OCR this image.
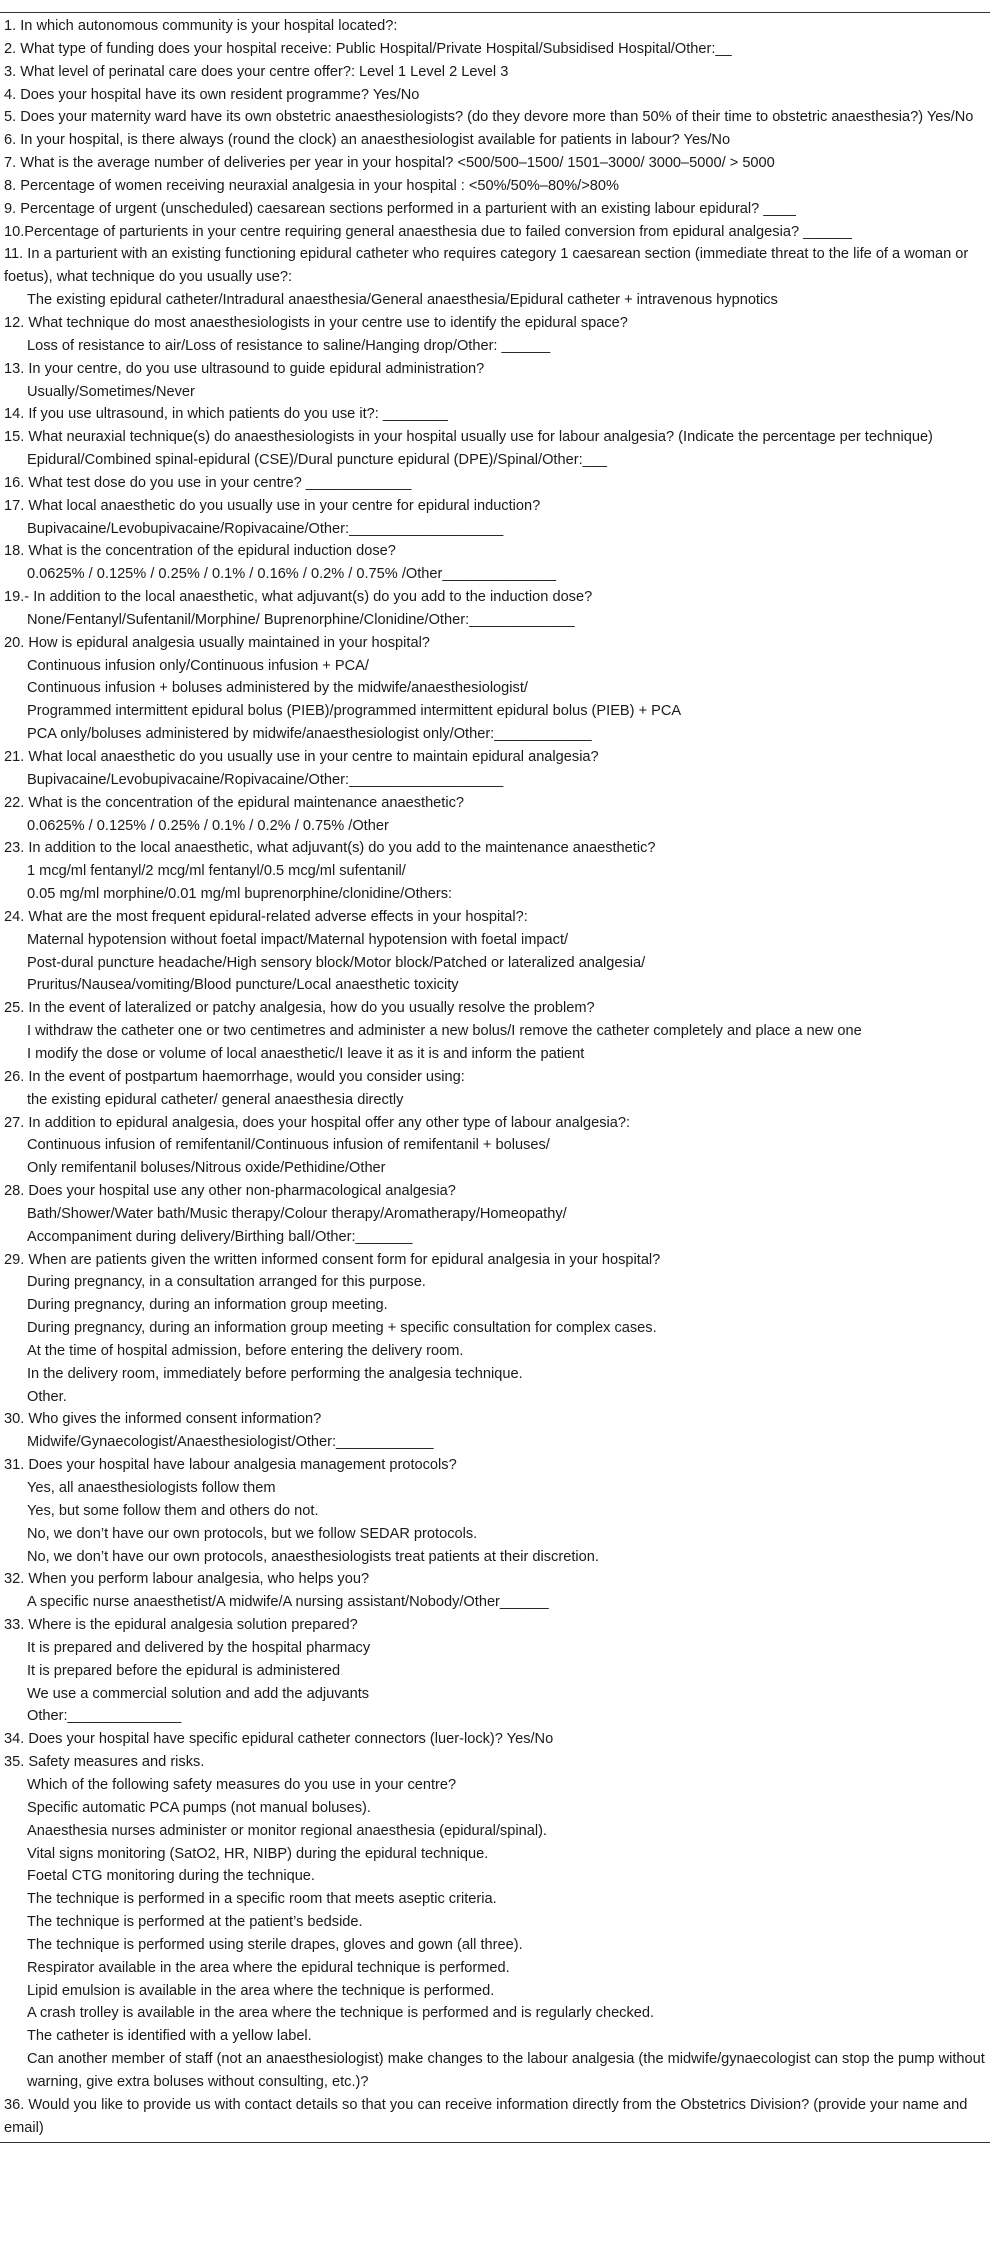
1. In which autonomous community is your hospital located?:
2. What type of funding does your hospital receive: Public Hospital/Private Hospital/Subsidised Hospital/Other:__
3. What level of perinatal care does your centre offer?: Level 1 Level 2 Level 3
4. Does your hospital have its own resident programme? Yes/No
5. Does your maternity ward have its own obstetric anaesthesiologists? (do they devore more than 50% of their time to obstetric anaesthesia?) Yes/No
6. In your hospital, is there always (round the clock) an anaesthesiologist available for patients in labour? Yes/No
7. What is the average number of deliveries per year in your hospital? <500/500–1500/ 1501–3000/ 3000–5000/ > 5000
8. Percentage of women receiving neuraxial analgesia in your hospital : <50%/50%–80%/>80%
9. Percentage of urgent (unscheduled) caesarean sections performed in a parturient with an existing labour epidural? ____
10.Percentage of parturients in your centre requiring general anaesthesia due to failed conversion from epidural analgesia? ______
11. In a parturient with an existing functioning epidural catheter who requires category 1 caesarean section (immediate threat to the life of a woman or foetus), what technique do you usually use?:
The existing epidural catheter/Intradural anaesthesia/General anaesthesia/Epidural catheter + intravenous hypnotics
12. What technique do most anaesthesiologists in your centre use to identify the epidural space?
Loss of resistance to air/Loss of resistance to saline/Hanging drop/Other: ______
13. In your centre, do you use ultrasound to guide epidural administration?
Usually/Sometimes/Never
14. If you use ultrasound, in which patients do you use it?: ________
15. What neuraxial technique(s) do anaesthesiologists in your hospital usually use for labour analgesia? (Indicate the percentage per technique)
Epidural/Combined spinal-epidural (CSE)/Dural puncture epidural (DPE)/Spinal/Other:___
16. What test dose do you use in your centre? _____________
17. What local anaesthetic do you usually use in your centre for epidural induction?
Bupivacaine/Levobupivacaine/Ropivacaine/Other:___________________
18. What is the concentration of the epidural induction dose?
0.0625% / 0.125% / 0.25% / 0.1% / 0.16% / 0.2% / 0.75% /Other______________
19.- In addition to the local anaesthetic, what adjuvant(s) do you add to the induction dose?
None/Fentanyl/Sufentanil/Morphine/ Buprenorphine/Clonidine/Other:_____________
20. How is epidural analgesia usually maintained in your hospital?
Continuous infusion only/Continuous infusion + PCA/
Continuous infusion + boluses administered by the midwife/anaesthesiologist/
Programmed intermittent epidural bolus (PIEB)/programmed intermittent epidural bolus (PIEB) + PCA
PCA only/boluses administered by midwife/anaesthesiologist only/Other:____________
21. What local anaesthetic do you usually use in your centre to maintain epidural analgesia?
Bupivacaine/Levobupivacaine/Ropivacaine/Other:___________________
22. What is the concentration of the epidural maintenance anaesthetic?
0.0625% / 0.125% / 0.25% / 0.1% / 0.2% / 0.75% /Other
23. In addition to the local anaesthetic, what adjuvant(s) do you add to the maintenance anaesthetic?
1 mcg/ml fentanyl/2 mcg/ml fentanyl/0.5 mcg/ml sufentanil/
0.05 mg/ml morphine/0.01 mg/ml buprenorphine/clonidine/Others:
24. What are the most frequent epidural-related adverse effects in your hospital?:
Maternal hypotension without foetal impact/Maternal hypotension with foetal impact/
Post-dural puncture headache/High sensory block/Motor block/Patched or lateralized analgesia/
Pruritus/Nausea/vomiting/Blood puncture/Local anaesthetic toxicity
25. In the event of lateralized or patchy analgesia, how do you usually resolve the problem?
I withdraw the catheter one or two centimetres and administer a new bolus/I remove the catheter completely and place a new one
I modify the dose or volume of local anaesthetic/I leave it as it is and inform the patient
26. In the event of postpartum haemorrhage, would you consider using:
the existing epidural catheter/ general anaesthesia directly
27. In addition to epidural analgesia, does your hospital offer any other type of labour analgesia?:
Continuous infusion of remifentanil/Continuous infusion of remifentanil + boluses/
Only remifentanil boluses/Nitrous oxide/Pethidine/Other
28. Does your hospital use any other non-pharmacological analgesia?
Bath/Shower/Water bath/Music therapy/Colour therapy/Aromatherapy/Homeopathy/
Accompaniment during delivery/Birthing ball/Other:_______
29. When are patients given the written informed consent form for epidural analgesia in your hospital?
During pregnancy, in a consultation arranged for this purpose.
During pregnancy, during an information group meeting.
During pregnancy, during an information group meeting + specific consultation for complex cases.
At the time of hospital admission, before entering the delivery room.
In the delivery room, immediately before performing the analgesia technique.
Other.
30. Who gives the informed consent information?
Midwife/Gynaecologist/Anaesthesiologist/Other:____________
31. Does your hospital have labour analgesia management protocols?
Yes, all anaesthesiologists follow them
Yes, but some follow them and others do not.
No, we don’t have our own protocols, but we follow SEDAR protocols.
No, we don’t have our own protocols, anaesthesiologists treat patients at their discretion.
32. When you perform labour analgesia, who helps you?
A specific nurse anaesthetist/A midwife/A nursing assistant/Nobody/Other______
33. Where is the epidural analgesia solution prepared?
It is prepared and delivered by the hospital pharmacy
It is prepared before the epidural is administered
We use a commercial solution and add the adjuvants
Other:______________
34. Does your hospital have specific epidural catheter connectors (luer-lock)? Yes/No
35. Safety measures and risks.
Which of the following safety measures do you use in your centre?
Specific automatic PCA pumps (not manual boluses).
Anaesthesia nurses administer or monitor regional anaesthesia (epidural/spinal).
Vital signs monitoring (SatO2, HR, NIBP) during the epidural technique.
Foetal CTG monitoring during the technique.
The technique is performed in a specific room that meets aseptic criteria.
The technique is performed at the patient’s bedside.
The technique is performed using sterile drapes, gloves and gown (all three).
Respirator available in the area where the epidural technique is performed.
Lipid emulsion is available in the area where the technique is performed.
A crash trolley is available in the area where the technique is performed and is regularly checked.
The catheter is identified with a yellow label.
Can another member of staff (not an anaesthesiologist) make changes to the labour analgesia (the midwife/gynaecologist can stop the pump without warning, give extra boluses without consulting, etc.)?
36. Would you like to provide us with contact details so that you can receive information directly from the Obstetrics Division? (provide your name and email)
